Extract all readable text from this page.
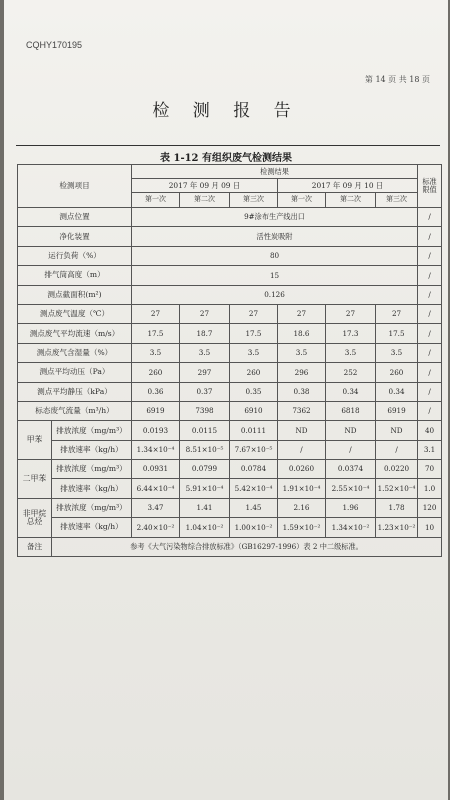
CQHY170195
第 14 页 共 18 页
检 测 报 告
表 1-12 有组织废气检测结果
检测项目		检测结果						标准
限值
		2017 年 09 月 09 日			2017 年 09 月 10 日			
		第一次	第二次	第三次	第一次	第二次	第三次	
测点位置		9#涂布生产线出口						/
净化装置		活性炭吸附						/
运行负荷（%）		80						/
排气筒高度（m）		15						/
测点截面积(m²)		0.126						/
测点废气温度（℃）		27	27	27	27	27	27	/
测点废气平均流速（m/s）		17.5	18.7	17.5	18.6	17.3	17.5	/
测点废气含湿量（%）		3.5	3.5	3.5	3.5	3.5	3.5	/
测点平均动压（Pa）		260	297	260	296	252	260	/
测点平均静压（kPa）		0.36	0.37	0.35	0.38	0.34	0.34	/
标态废气流量（m³/h）		6919	7398	6910	7362	6818	6919	/
甲苯	排放浓度（mg/m³）	0.0193	0.0115	0.0111	ND	ND	ND	40
	排放速率（kg/h）	1.34×10⁻⁴	8.51×10⁻⁵	7.67×10⁻⁵	/	/	/	3.1
二甲苯	排放浓度（mg/m³）	0.0931	0.0799	0.0784	0.0260	0.0374	0.0220	70
	排放速率（kg/h）	6.44×10⁻⁴	5.91×10⁻⁴	5.42×10⁻⁴	1.91×10⁻⁴	2.55×10⁻⁴	1.52×10⁻⁴	1.0
非甲烷
总烃	排放浓度（mg/m³）	3.47	1.41	1.45	2.16	1.96	1.78	120
	排放速率（kg/h）	2.40×10⁻²	1.04×10⁻²	1.00×10⁻²	1.59×10⁻²	1.34×10⁻²	1.23×10⁻²	10
备注	参考《大气污染物综合排放标准》（GB16297-1996）表 2 中二级标准。							
